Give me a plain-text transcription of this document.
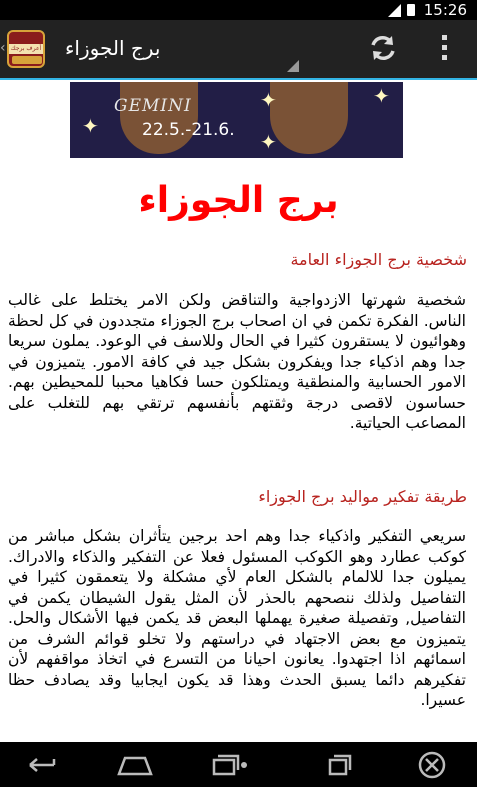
15:26
‹ أعرف برجك برج الجوزاء
✦
✦	✦
✦
GEMINI
22.5.-21.6.
برج الجوزاء
شخصية برج الجوزاء العامة
شخصية شهرتها الازدواجية والتناقض ولكن الامر يختلط على غالب الناس. الفكرة تكمن في ان اصحاب برج الجوزاء متجددون في كل لحظة وهوائيون لا يستقرون كثيرا في الحال وللاسف في الوعود. يملون سريعا جدا وهم اذكياء جدا ويفكرون بشكل جيد في كافة الامور. يتميزون في الامور الحسابية والمنطقية ويمتلكون حسا فكاهيا محببا للمحيطين بهم. حساسون لاقصى درجة وثقتهم بأنفسهم ترتقي بهم للتغلب على المصاعب الحياتية.
طريقة تفكير مواليد برج الجوزاء
سريعي التفكير واذكياء جدا وهم احد برجين يتأثران بشكل مباشر من كوكب عطارد وهو الكوكب المسئول فعلا عن التفكير والذكاء والادراك. يميلون جدا للالمام بالشكل العام لأي مشكلة ولا يتعمقون كثيرا في التفاصيل ولذلك ننصحهم بالحذر لأن المثل يقول الشيطان يكمن في التفاصيل, وتفصيلة صغيرة يهملها البعض قد يكمن فيها الأشكال والحل. يتميزون مع بعض الاجتهاد في دراستهم ولا تخلو قوائم الشرف من اسمائهم اذا اجتهدوا. يعانون احيانا من التسرع في اتخاذ مواقفهم لأن تفكيرهم دائما يسبق الحدث وهذا قد يكون ايجابيا وقد يصادف حظا عسيرا.
